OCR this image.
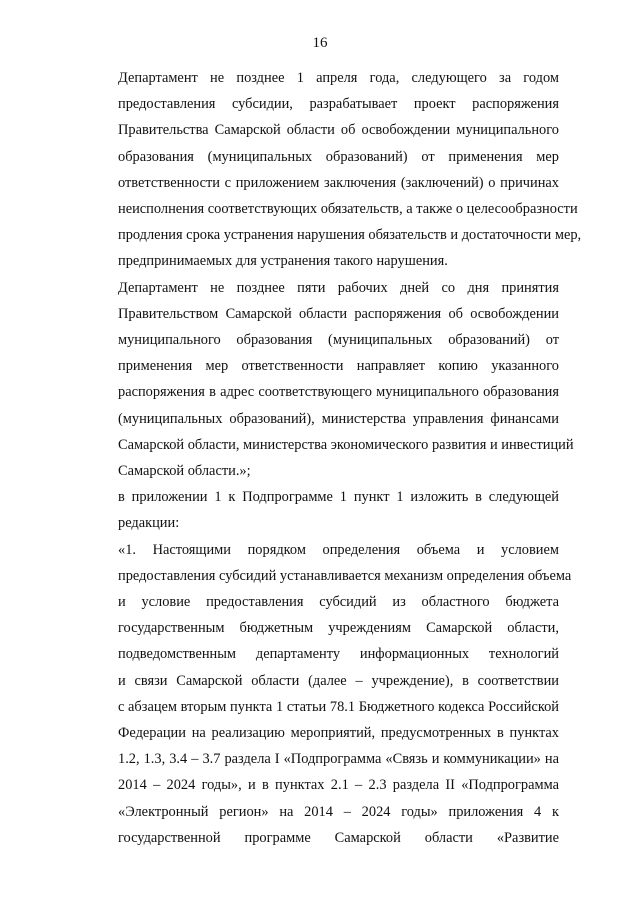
16

Департамент не позднее 1 апреля года, следующего за годом
предоставления субсидии, разрабатывает проект распоряжения
Правительства Самарской области об освобождении муниципального
образования (муниципальных образований) от применения мер
ответственности с приложением заключения (заключений) о причинах
неисполнения соответствующих обязательств, а также о целесообразности
продления срока устранения нарушения обязательств и достаточности мер,
предпринимаемых для устранения такого нарушения.

Департамент не позднее пяти рабочих дней со дня принятия
Правительством Самарской области распоряжения об освобождении
муниципального образования (муниципальных образований) от
применения мер ответственности направляет копию указанного
распоряжения в адрес соответствующего муниципального образования
(муниципальных образований), министерства управления финансами
Самарской области, министерства экономического развития и инвестиций
Самарской области.»;

в приложении 1 к Подпрограмме 1 пункт 1 изложить в следующей
редакции:

«1. Настоящими порядком определения объема и условием
предоставления субсидий устанавливается механизм определения объема
и условие предоставления субсидий из областного бюджета
государственным бюджетным учреждениям Самарской области,
подведомственным департаменту информационных технологий
и связи Самарской области (далее – учреждение), в соответствии
с абзацем вторым пункта 1 статьи 78.1 Бюджетного кодекса Российской
Федерации на реализацию мероприятий, предусмотренных в пунктах
1.2, 1.3, 3.4 – 3.7 раздела I «Подпрограмма «Связь и коммуникации» на
2014 – 2024 годы», и в пунктах 2.1 – 2.3 раздела II «Подпрограмма
«Электронный регион» на 2014 – 2024 годы» приложения 4 к
государственной программе Самарской области «Развитие
